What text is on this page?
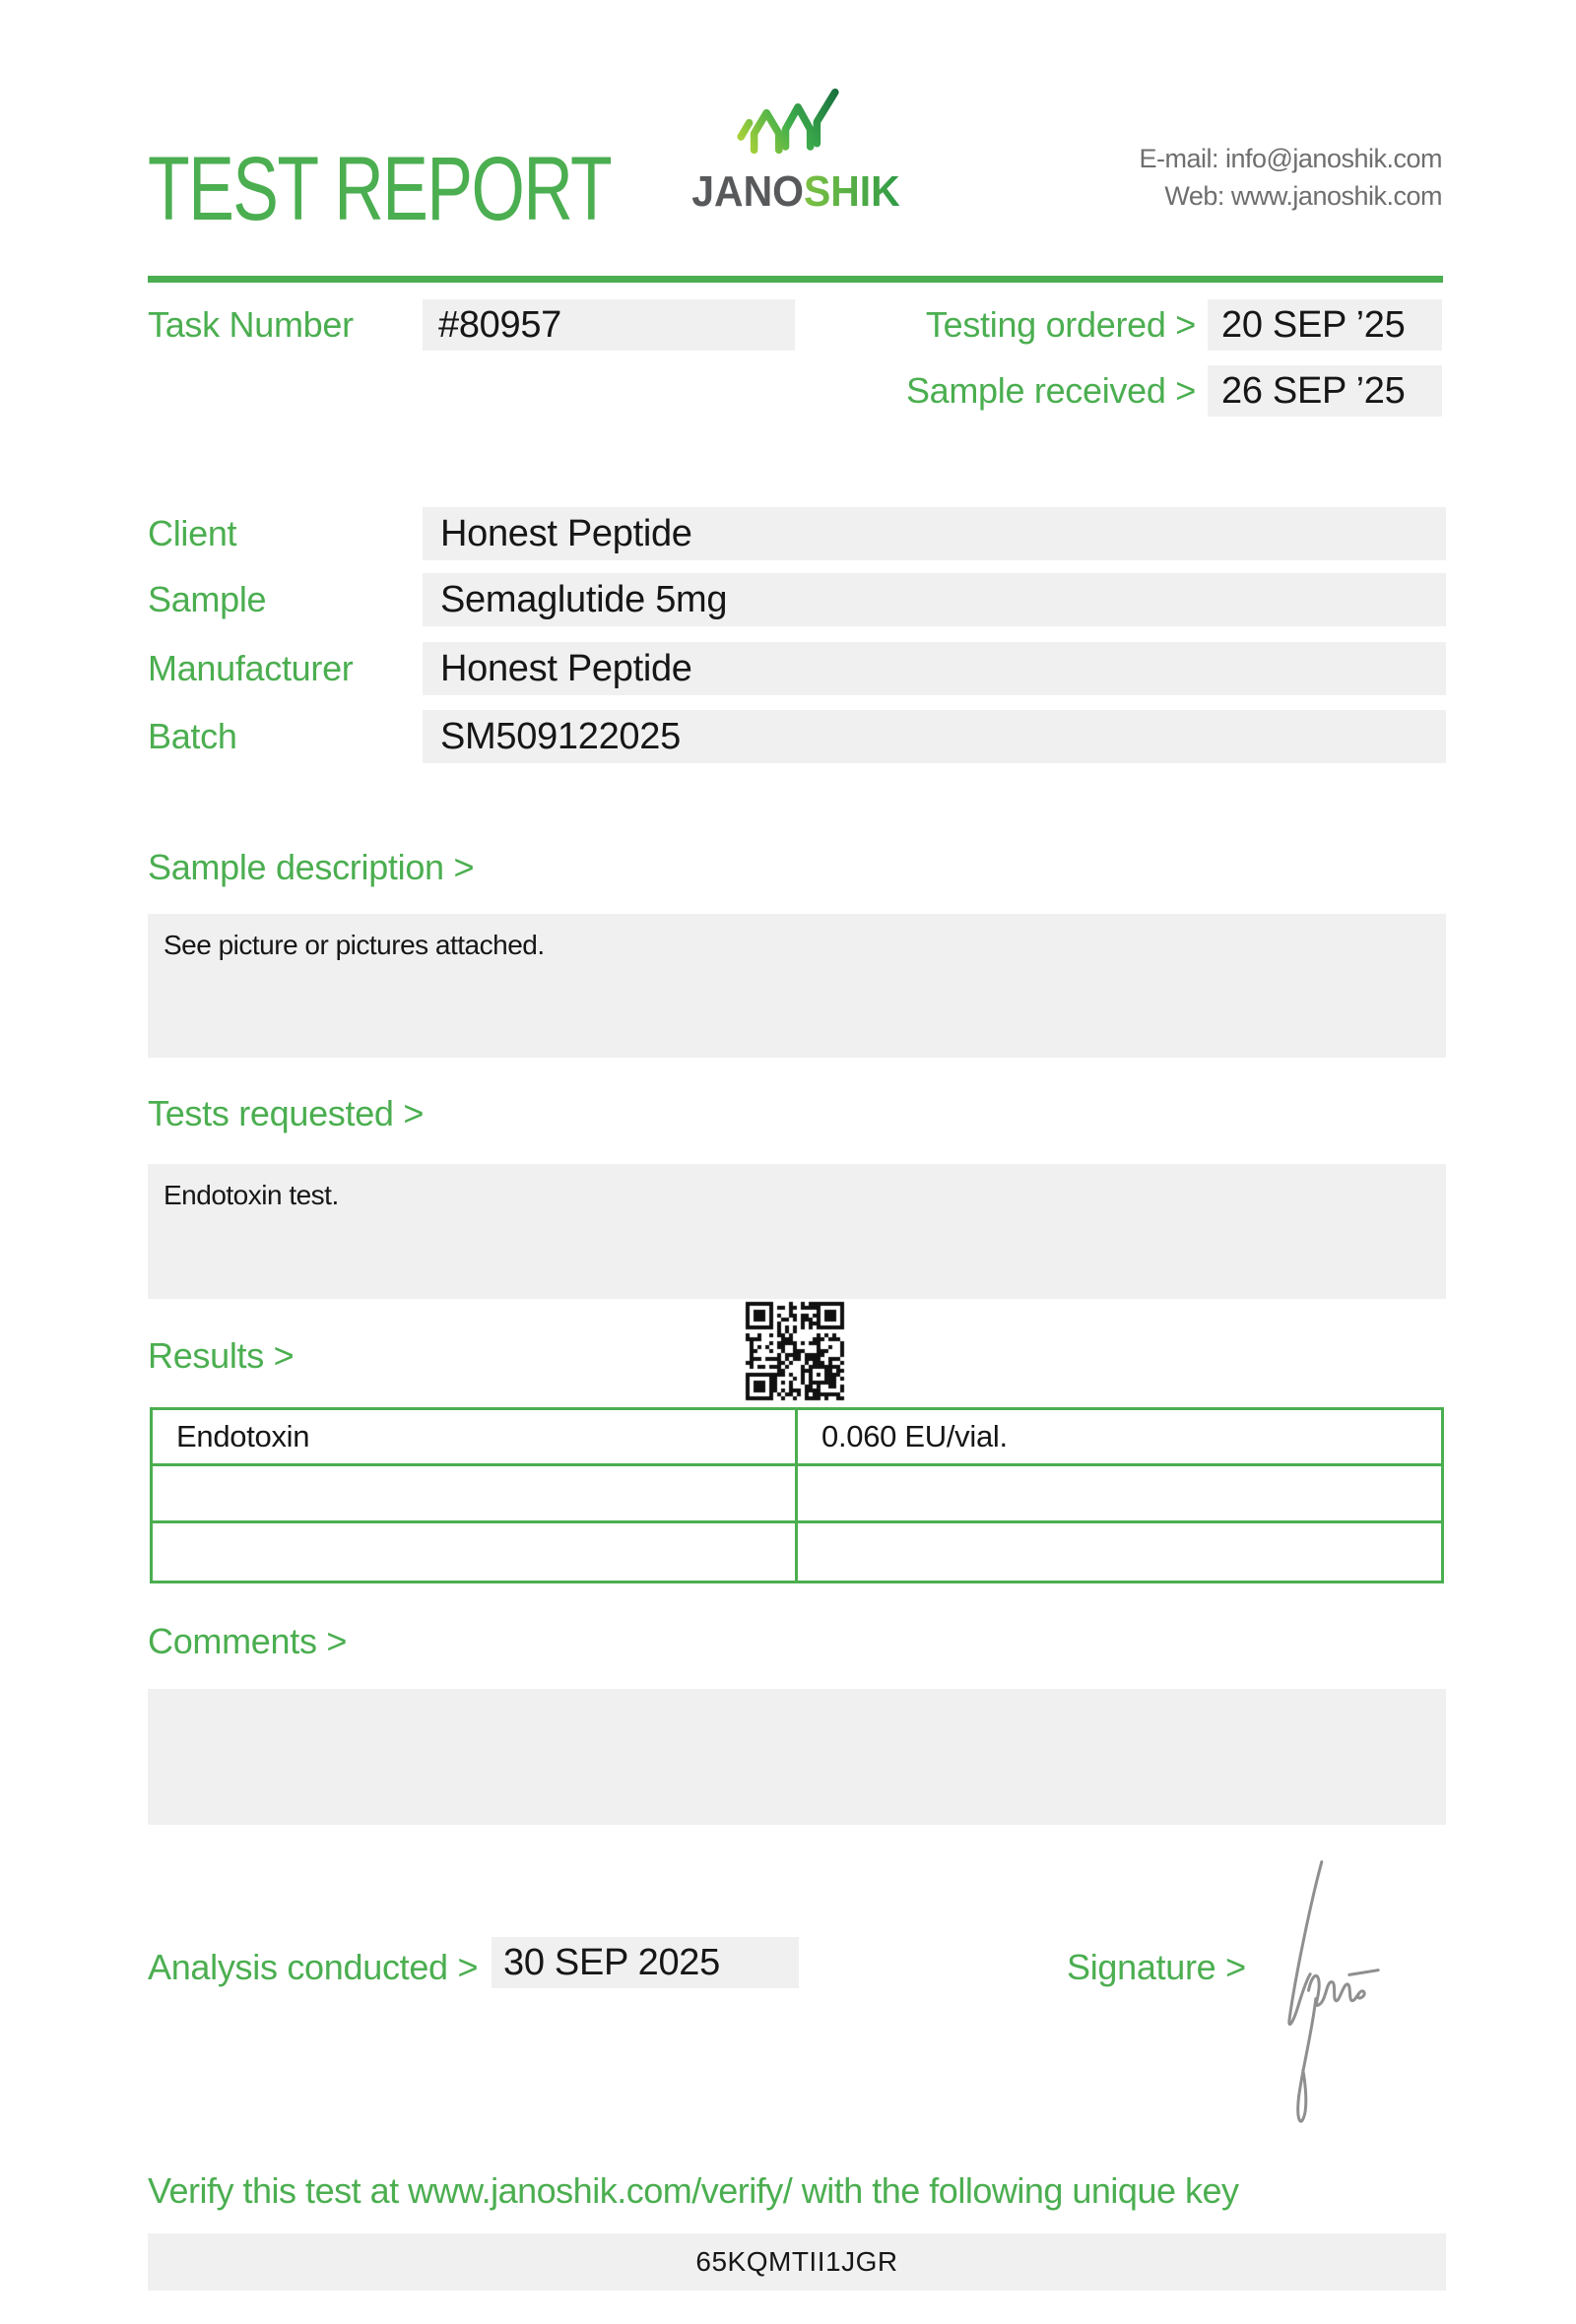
TEST REPORT JANOSHIK
E-mail: info@janoshik.com
Web: www.janoshik.com
Task Number	#80957	Testing ordered > 20 SEP ’25
Sample received > 26 SEP ’25
Client	Honest Peptide
Sample	Semaglutide 5mg
Manufacturer	Honest Peptide
Batch	SM509122025
Sample description >
See picture or pictures attached.
Tests requested >
Endotoxin test.
Results >
Endotoxin	0.060 EU/vial.
Comments >
Analysis conducted > 30 SEP 2025	Signature >
Verify this test at www.janoshik.com/verify/ with the following unique key
65KQMTII1JGR
